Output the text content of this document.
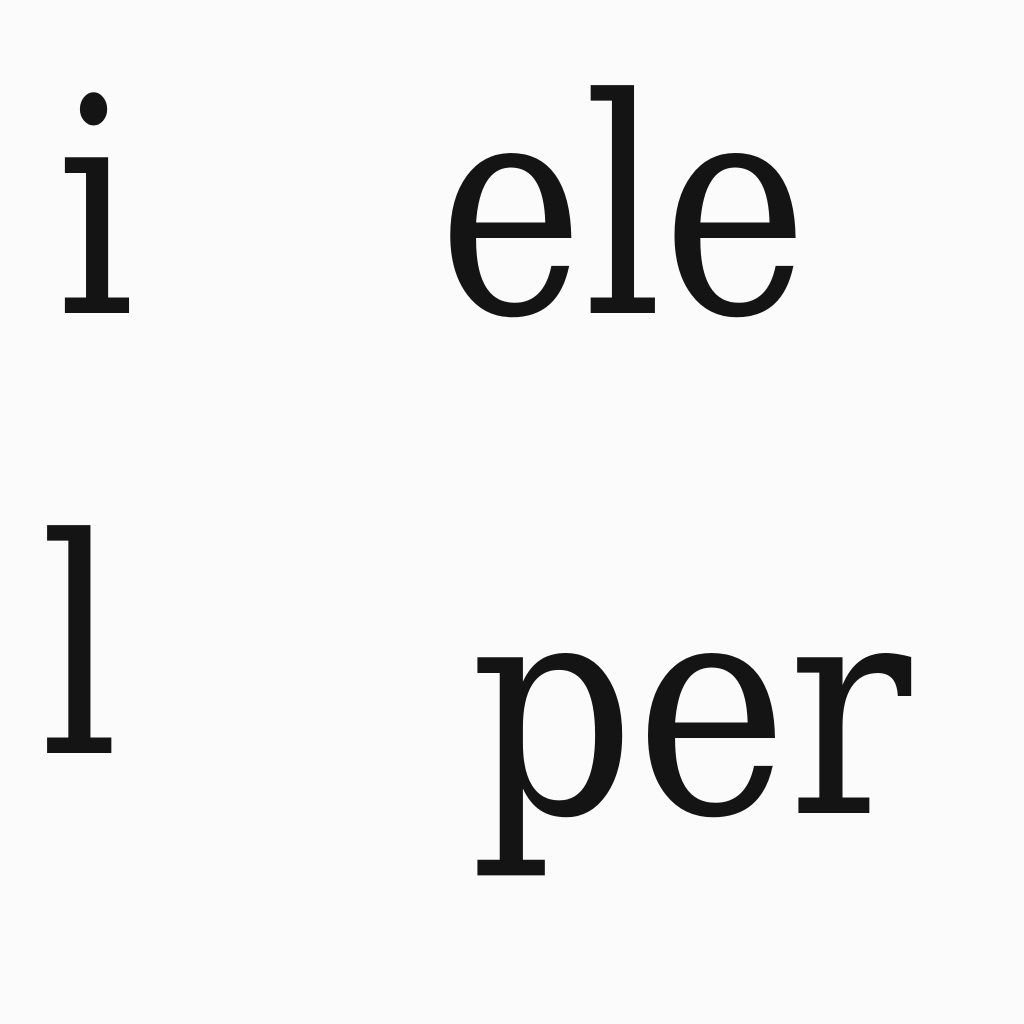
i ele
l per
